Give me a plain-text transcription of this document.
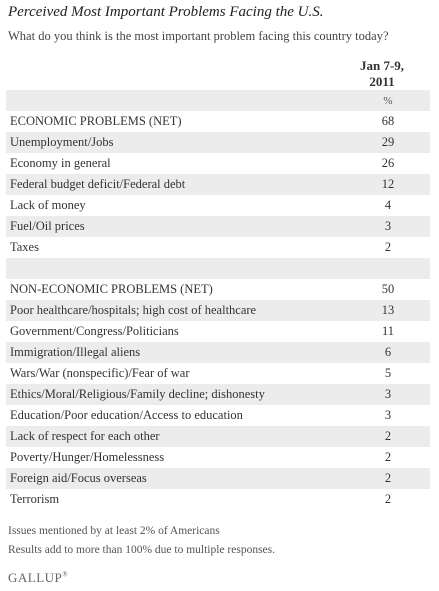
Perceived Most Important Problems Facing the U.S.
What do you think is the most important problem facing this country today?
Jan 7-9,
2011
	%
ECONOMIC PROBLEMS (NET)	68
Unemployment/Jobs	29
Economy in general	26
Federal budget deficit/Federal debt	12
Lack of money	4
Fuel/Oil prices	3
Taxes	2

NON-ECONOMIC PROBLEMS (NET)	50
Poor healthcare/hospitals; high cost of healthcare	13
Government/Congress/Politicians	11
Immigration/Illegal aliens	6
Wars/War (nonspecific)/Fear of war	5
Ethics/Moral/Religious/Family decline; dishonesty	3
Education/Poor education/Access to education	3
Lack of respect for each other	2
Poverty/Hunger/Homelessness	2
Foreign aid/Focus overseas	2
Terrorism	2
Issues mentioned by at least 2% of Americans
Results add to more than 100% due to multiple responses.
GALLUP®
